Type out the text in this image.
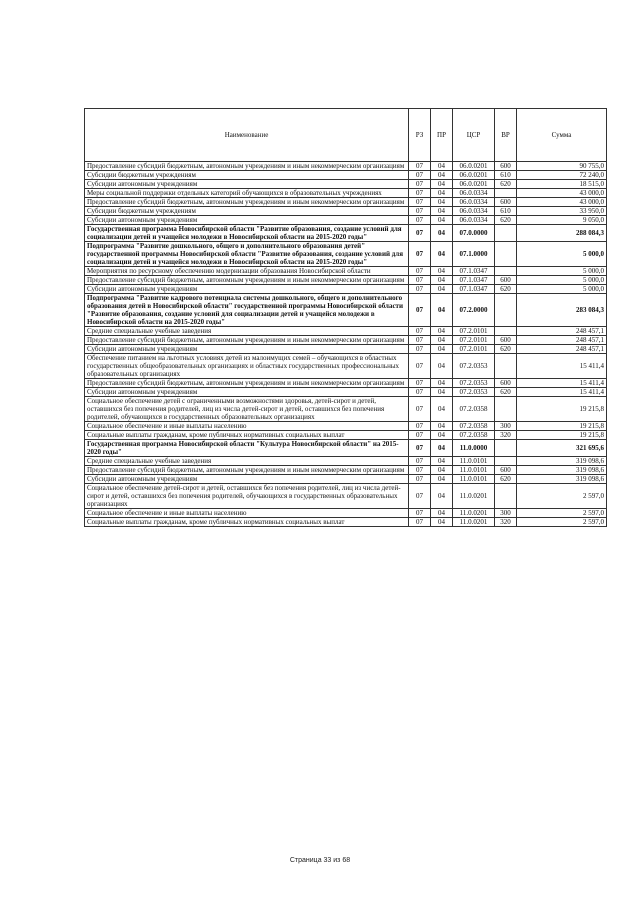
Наименование	РЗ	ПР	ЦСР	ВР	Сумма
Предоставление субсидий бюджетным, автономным учреждениям и иным некоммерческим организациям	07	04	06.0.0201	600	90 755,0
Субсидии бюджетным учреждениям	07	04	06.0.0201	610	72 240,0
Субсидии автономным учреждениям	07	04	06.0.0201	620	18 515,0
Меры социальной поддержки отдельных категорий обучающихся в образовательных учреждениях	07	04	06.0.0334		43 000,0
Предоставление субсидий бюджетным, автономным учреждениям и иным некоммерческим организациям	07	04	06.0.0334	600	43 000,0
Субсидии бюджетным учреждениям	07	04	06.0.0334	610	33 950,0
Субсидии автономным учреждениям	07	04	06.0.0334	620	9 050,0
Государственная программа Новосибирской области "Развитие образования, создание условий для социализации детей и учащейся молодежи в Новосибирской области на 2015-2020 годы"	07	04	07.0.0000		288 084,3
Подпрограмма "Развитие дошкольного, общего и дополнительного образования детей" государственной программы Новосибирской области "Развитие образования, создание условий для социализации детей и учащейся молодежи в Новосибирской области на 2015-2020 годы"	07	04	07.1.0000		5 000,0
Мероприятия по ресурсному обеспечению модернизации образования Новосибирской области	07	04	07.1.0347		5 000,0
Предоставление субсидий бюджетным, автономным учреждениям и иным некоммерческим организациям	07	04	07.1.0347	600	5 000,0
Субсидии автономным учреждениям	07	04	07.1.0347	620	5 000,0
Подпрограмма "Развитие кадрового потенциала системы дошкольного, общего и дополнительного образования детей в Новосибирской области" государственной программы Новосибирской области "Развитие образования, создание условий для социализации детей и учащейся молодежи в Новосибирской области на 2015-2020 годы"	07	04	07.2.0000		283 084,3
Средние специальные учебные заведения	07	04	07.2.0101		248 457,1
Предоставление субсидий бюджетным, автономным учреждениям и иным некоммерческим организациям	07	04	07.2.0101	600	248 457,1
Субсидии автономным учреждениям	07	04	07.2.0101	620	248 457,1
Обеспечение питанием на льготных условиях детей из малоимущих семей – обучающихся в областных государственных общеобразовательных организациях и областных государственных профессиональных образовательных организациях	07	04	07.2.0353		15 411,4
Предоставление субсидий бюджетным, автономным учреждениям и иным некоммерческим организациям	07	04	07.2.0353	600	15 411,4
Субсидии автономным учреждениям	07	04	07.2.0353	620	15 411,4
Социальное обеспечение детей с ограниченными возможностями здоровья, детей-сирот и детей, оставшихся без попечения родителей, лиц из числа детей-сирот и детей, оставшихся без попечения родителей, обучающихся в государственных образовательных организациях	07	04	07.2.0358		19 215,8
Социальное обеспечение и иные выплаты населению	07	04	07.2.0358	300	19 215,8
Социальные выплаты гражданам, кроме публичных нормативных социальных выплат	07	04	07.2.0358	320	19 215,8
Государственная программа Новосибирской области "Культура Новосибирской области" на 2015-2020 годы"	07	04	11.0.0000		321 695,6
Средние специальные учебные заведения	07	04	11.0.0101		319 098,6
Предоставление субсидий бюджетным, автономным учреждениям и иным некоммерческим организациям	07	04	11.0.0101	600	319 098,6
Субсидии автономным учреждениям	07	04	11.0.0101	620	319 098,6
Социальное обеспечение детей-сирот и детей, оставшихся без попечения родителей, лиц из числа детей-сирот и детей, оставшихся без попечения родителей, обучающихся в государственных образовательных организациях	07	04	11.0.0201		2 597,0
Социальное обеспечение и иные выплаты населению	07	04	11.0.0201	300	2 597,0
Социальные выплаты гражданам, кроме публичных нормативных социальных выплат	07	04	11.0.0201	320	2 597,0
Страница 33 из 68
